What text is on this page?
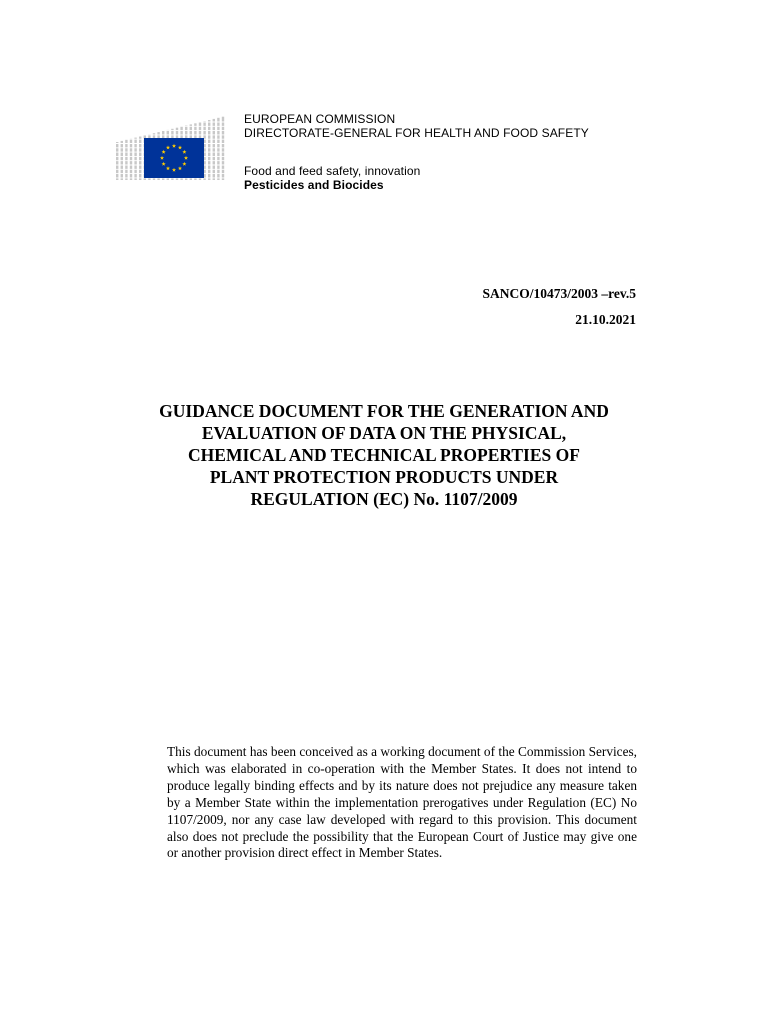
EUROPEAN COMMISSION
DIRECTORATE-GENERAL FOR HEALTH AND FOOD SAFETY
Food and feed safety, innovation
Pesticides and Biocides
SANCO/10473/2003 –rev.5
21.10.2021
GUIDANCE DOCUMENT FOR THE GENERATION AND
EVALUATION OF DATA ON THE PHYSICAL,
CHEMICAL AND TECHNICAL PROPERTIES OF
PLANT PROTECTION PRODUCTS UNDER
REGULATION (EC) No. 1107/2009

This document has been conceived as a working document of the Commission Services, which was elaborated in co-operation with the Member States. It does not intend to produce legally binding effects and by its nature does not prejudice any measure taken by a Member State within the implementation prerogatives under Regulation (EC) No 1107/2009, nor any case law developed with regard to this provision. This document also does not preclude the possibility that the European Court of Justice may give one or another provision direct effect in Member States.
